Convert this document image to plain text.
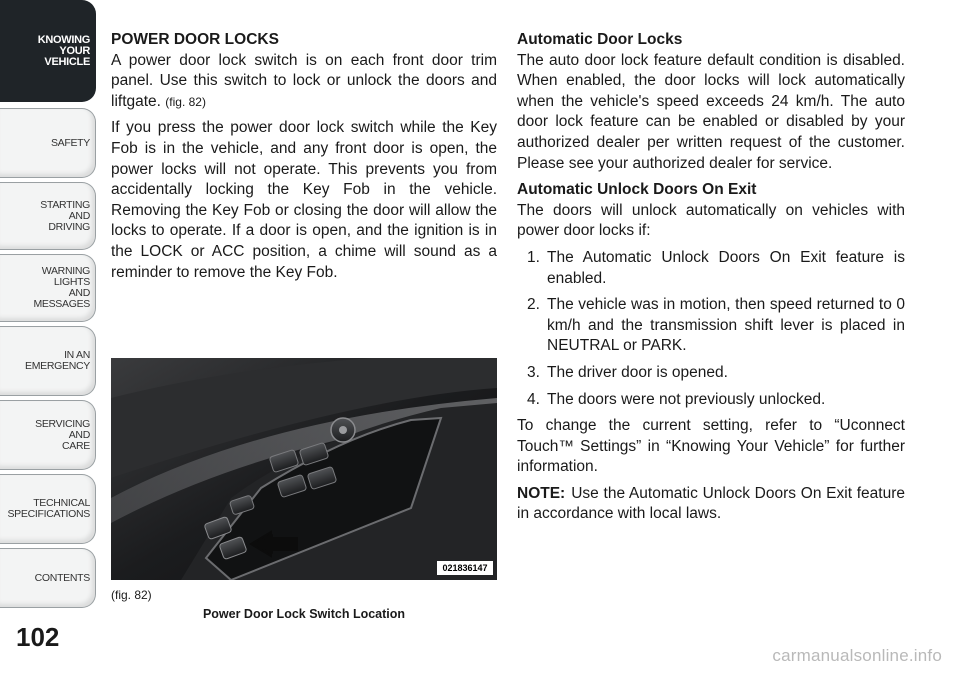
KNOWING
YOUR
VEHICLE
SAFETY
STARTING
AND
DRIVING
WARNING
LIGHTS
AND
MESSAGES
IN AN
EMERGENCY
SERVICING
AND
CARE
TECHNICAL
SPECIFICATIONS
CONTENTS
102
POWER DOOR LOCKS

A power door lock switch is on each front door trim panel. Use this switch to lock or unlock the doors and liftgate. (fig. 82)

If you press the power door lock switch while the Key Fob is in the vehicle, and any front door is open, the power locks will not operate. This prevents you from accidentally locking the Key Fob in the vehicle. Removing the Key Fob or closing the door will allow the locks to operate. If a door is open, and the ignition is in the LOCK or ACC position, a chime will sound as a reminder to remove the Key Fob.

021836147
(fig. 82)
Power Door Lock Switch Location
Automatic Door Locks

The auto door lock feature default condition is disabled. When enabled, the door locks will lock automatically when the vehicle's speed exceeds 24 km/h. The auto door lock feature can be enabled or disabled by your authorized dealer per written request of the customer. Please see your authorized dealer for service.

Automatic Unlock Doors On Exit

The doors will unlock automatically on vehicles with power door locks if:

1. The Automatic Unlock Doors On Exit feature is enabled.
2. The vehicle was in motion, then speed returned to 0 km/h and the transmission shift lever is placed in NEUTRAL or PARK.
3. The driver door is opened.
4. The doors were not previously unlocked.

To change the current setting, refer to “Uconnect Touch™ Settings” in “Knowing Your Vehicle” for further information.

NOTE: Use the Automatic Unlock Doors On Exit feature in accordance with local laws.

carmanualsonline.info
